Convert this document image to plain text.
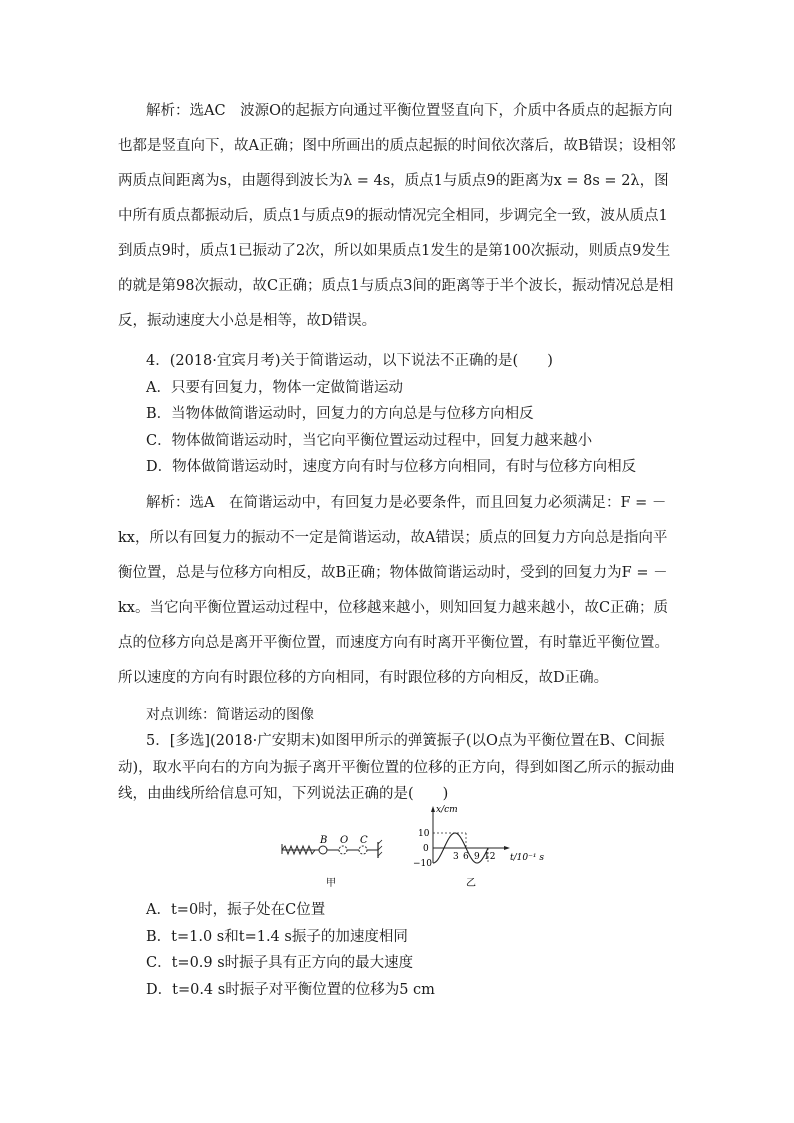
解析：选AC　波源O的起振方向通过平衡位置竖直向下，介质中各质点的起振方向也都是竖直向下，故A正确；图中所画出的质点起振的时间依次落后，故B错误；设相邻两质点间距离为s，由题得到波长为λ = 4s，质点1与质点9的距离为x = 8s = 2λ，图中所有质点都振动后，质点1与质点9的振动情况完全相同，步调完全一致，波从质点1到质点9时，质点1已振动了2次，所以如果质点1发生的是第100次振动，则质点9发生的就是第98次振动，故C正确；质点1与质点3间的距离等于半个波长，振动情况总是相反，振动速度大小总是相等，故D错误。

4．(2018·宜宾月考)关于简谐运动，以下说法不正确的是(　　)

A．只要有回复力，物体一定做简谐运动

B．当物体做简谐运动时，回复力的方向总是与位移方向相反

C．物体做简谐运动时，当它向平衡位置运动过程中，回复力越来越小

D．物体做简谐运动时，速度方向有时与位移方向相同，有时与位移方向相反

解析：选A　在简谐运动中，有回复力是必要条件，而且回复力必须满足：F = －kx，所以有回复力的振动不一定是简谐运动，故A错误；质点的回复力方向总是指向平衡位置，总是与位移方向相反，故B正确；物体做简谐运动时，受到的回复力为F = －kx。当它向平衡位置运动过程中，位移越来越小，则知回复力越来越小，故C正确；质点的位移方向总是离开平衡位置，而速度方向有时离开平衡位置，有时靠近平衡位置。所以速度的方向有时跟位移的方向相同，有时跟位移的方向相反，故D正确。

对点训练：简谐运动的图像

5．[多选](2018·广安期末)如图甲所示的弹簧振子(以O点为平衡位置在B、C间振动)，取水平向右的方向为振子离开平衡位置的位移的正方向，得到如图乙所示的振动曲线，由曲线所给信息可知，下列说法正确的是(　　)

B O C
甲
x/cm
t/10⁻¹ s
10
0
−10
3 6 9 12
乙

A．t=0时，振子处在C位置

B．t=1.0 s和t=1.4 s振子的加速度相同

C．t=0.9 s时振子具有正方向的最大速度

D．t=0.4 s时振子对平衡位置的位移为5 cm
